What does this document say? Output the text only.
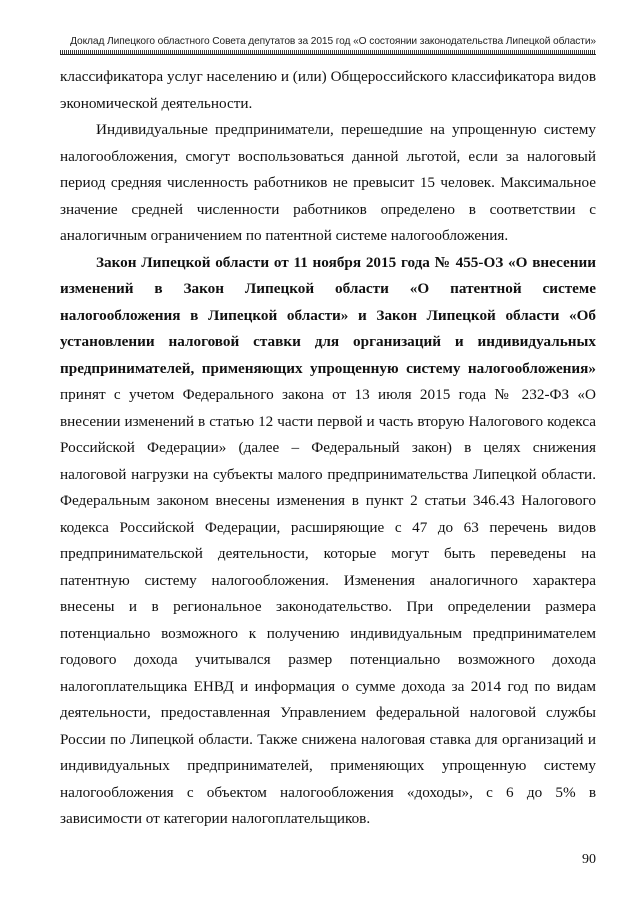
Доклад Липецкого областного Совета депутатов за 2015 год «О состоянии законодательства Липецкой области»

классификатора услуг населению и (или) Общероссийского классификатора видов экономической деятельности.

Индивидуальные предприниматели, перешедшие на упрощенную систему налогообложения, смогут воспользоваться данной льготой, если за налоговый период средняя численность работников не превысит 15 человек. Максимальное значение средней численности работников определено в соответствии с аналогичным ограничением по патентной системе налогообложения.

Закон Липецкой области от 11 ноября 2015 года № 455-ОЗ «О внесении изменений в Закон Липецкой области «О патентной системе налогообложения в Липецкой области» и Закон Липецкой области «Об установлении налоговой ставки для организаций и индивидуальных предпринимателей, применяющих упрощенную систему налогообложения» принят с учетом Федерального закона от 13 июля 2015 года № 232-ФЗ «О внесении изменений в статью 12 части первой и часть вторую Налогового кодекса Российской Федерации» (далее – Федеральный закон) в целях снижения налоговой нагрузки на субъекты малого предпринимательства Липецкой области. Федеральным законом внесены изменения в пункт 2 статьи 346.43 Налогового кодекса Российской Федерации, расширяющие с 47 до 63 перечень видов предпринимательской деятельности, которые могут быть переведены на патентную систему налогообложения. Изменения аналогичного характера внесены и в региональное законодательство. При определении размера потенциально возможного к получению индивидуальным предпринимателем годового дохода учитывался размер потенциально возможного дохода налогоплательщика ЕНВД и информация о сумме дохода за 2014 год по видам деятельности, предоставленная Управлением федеральной налоговой службы России по Липецкой области. Также снижена налоговая ставка для организаций и индивидуальных предпринимателей, применяющих упрощенную систему налогообложения с объектом налогообложения «доходы», с 6 до 5% в зависимости от категории налогоплательщиков.

90
